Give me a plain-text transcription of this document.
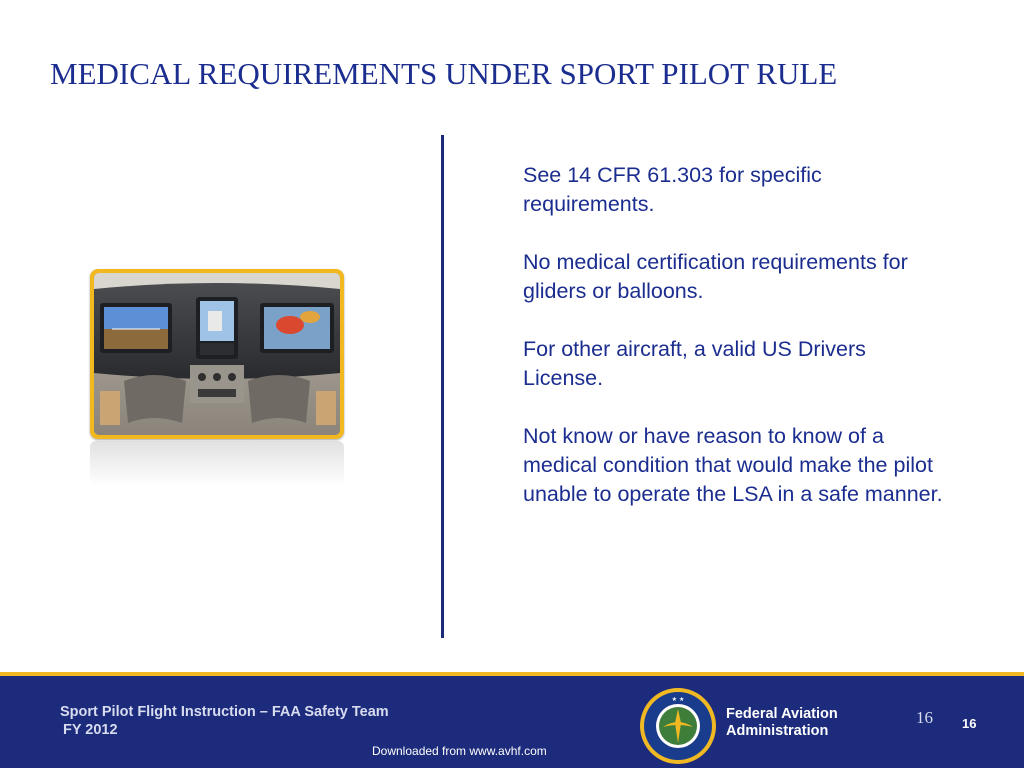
MEDICAL REQUIREMENTS UNDER SPORT PILOT RULE

See 14 CFR 61.303 for specific requirements.

No medical certification requirements for gliders or balloons.

For other aircraft, a valid US Drivers License.

Not know or have reason to know of a medical condition that would make the pilot unable to operate the LSA in a safe manner.

Sport Pilot Flight Instruction – FAA Safety Team
FY 2012
Downloaded from www.avhf.com
★ ★
Federal Aviation
Administration
16 16
